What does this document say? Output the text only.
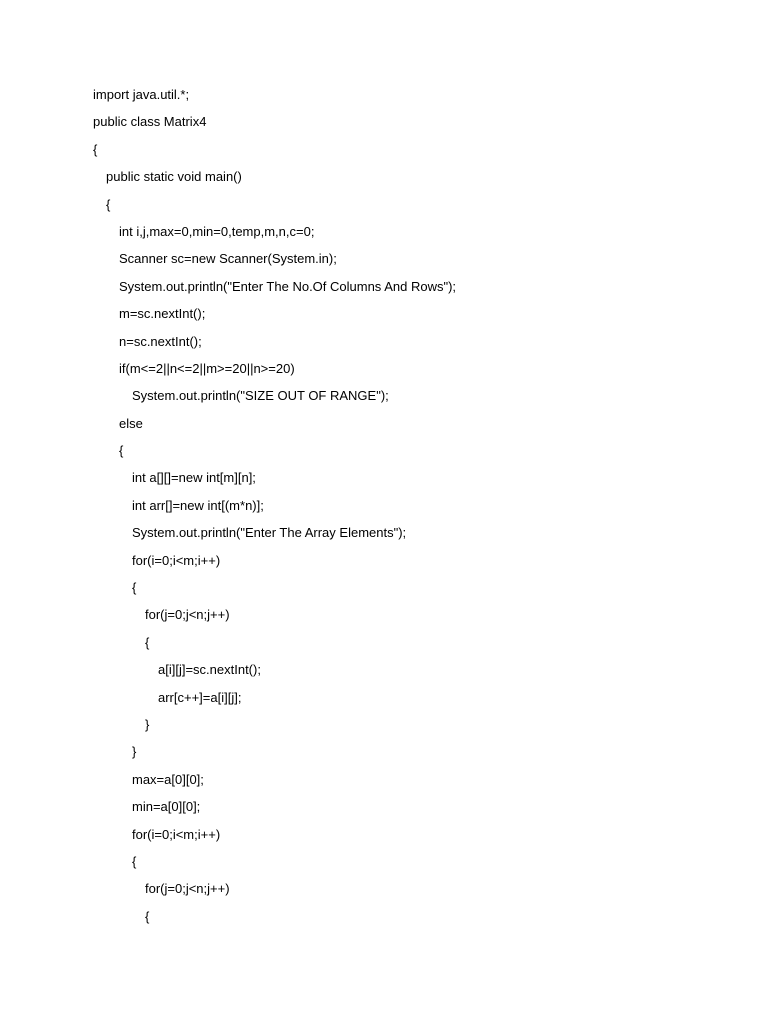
import java.util.*;
public class Matrix4
{
public static void main()
{
int i,j,max=0,min=0,temp,m,n,c=0;
Scanner sc=new Scanner(System.in);
System.out.println("Enter The No.Of Columns And Rows");
m=sc.nextInt();
n=sc.nextInt();
if(m<=2||n<=2||m>=20||n>=20)
System.out.println("SIZE OUT OF RANGE");
else
{
int a[][]=new int[m][n];
int arr[]=new int[(m*n)];
System.out.println("Enter The Array Elements");
for(i=0;i<m;i++)
{
for(j=0;j<n;j++)
{
a[i][j]=sc.nextInt();
arr[c++]=a[i][j];
}
}
max=a[0][0];
min=a[0][0];
for(i=0;i<m;i++)
{
for(j=0;j<n;j++)
{
